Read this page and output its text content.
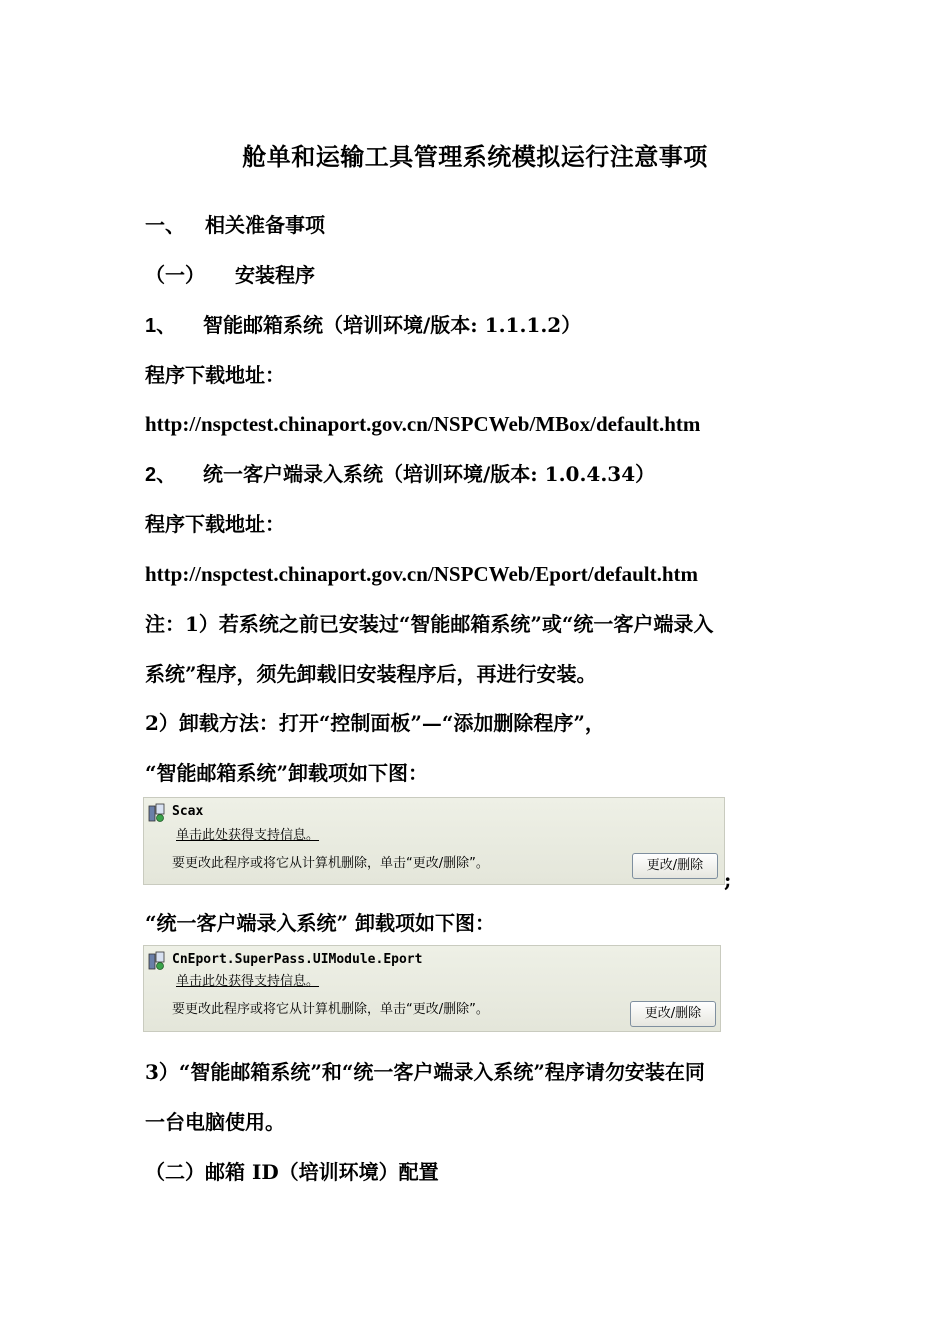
舱单和运输工具管理系统模拟运行注意事项
一、 相关准备事项
（一） 安装程序
1、 智能邮箱系统（培训环境/版本: 1.1.1.2）
程序下载地址：
http://nspctest.chinaport.gov.cn/NSPCWeb/MBox/default.htm
2、 统一客户端录入系统（培训环境/版本: 1.0.4.34）
程序下载地址：
http://nspctest.chinaport.gov.cn/NSPCWeb/Eport/default.htm
注：1）若系统之前已安装过“智能邮箱系统”或“统一客户端录入
系统”程序，须先卸载旧安装程序后，再进行安装。
2）卸载方法：打开“控制面板”—“添加删除程序”，
“智能邮箱系统”卸载项如下图：
Scax
单击此处获得支持信息。
要更改此程序或将它从计算机删除，单击“更改/删除”。	更改/删除
;
“统一客户端录入系统” 卸载项如下图：
CnEport.SuperPass.UIModule.Eport
单击此处获得支持信息。
要更改此程序或将它从计算机删除，单击“更改/删除”。	更改/删除
3）“智能邮箱系统”和“统一客户端录入系统”程序请勿安装在同
一台电脑使用。
（二）邮箱 ID（培训环境）配置
